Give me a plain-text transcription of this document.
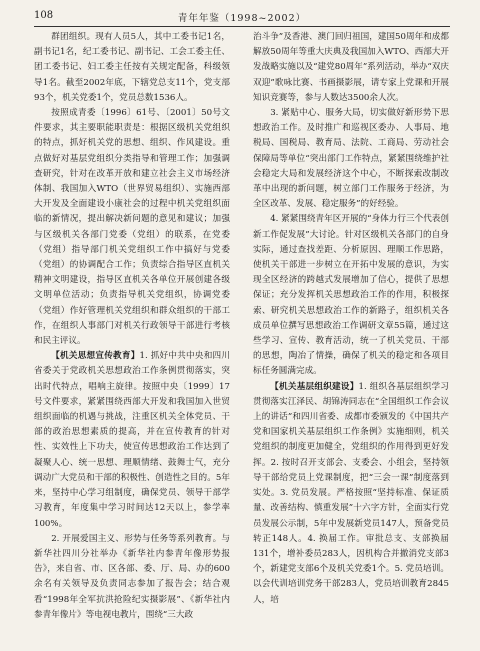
108	青年年鉴（1998~2002）

群团组织。现有人员5人，其中工委书记1名，副书记1名，纪工委书记、副书记、工会工委主任、团工委书记、妇工委主任按有关规定配备，科级领导1名。截至2002年底，下辖党总支11个，党支部93个，机关党委1个，党员总数1536人。

按照成青委〔1996〕61号、〔2001〕50号文件要求，其主要职能职责是：根据区级机关党组织的特点，抓好机关党的思想、组织、作风建设。重点做好对基层党组织分类指导和管理工作；加强调查研究，针对在改革开放和建立社会主义市场经济体制、我国加入WTO（世界贸易组织）、实施西部大开发及全面建设小康社会的过程中机关党组织面临的新情况，提出解决新问题的意见和建议；加强与区级机关各部门党委（党组）的联系，在党委（党组）指导部门机关党组织工作中搞好与党委（党组）的协调配合工作；负责综合指导区直机关精神文明建设，指导区直机关各单位开展创建各级文明单位活动；负责指导机关党组织，协调党委（党组）作好管理机关党组织和群众组织的干部工作，在组织人事部门对机关行政领导干部进行考核和民主评议。

【机关思想宣传教育】1. 抓好中共中央和四川省委关于党政机关思想政治工作条例贯彻落实，突出时代特点，唱响主旋律。按照中央〔1999〕17号文件要求，紧紧围绕西部大开发和我国加入世贸组织面临的机遇与挑战，注重区机关全体党员、干部的政治思想素质的提高，并在宣传教育的针对性、实效性上下功夫，使宣传思想政治工作达到了凝聚人心、统一思想、理顺情绪、鼓舞士气，充分调动广大党员和干部的积极性、创造性之目的。5年来，坚持中心学习组制度，确保党员、领导干部学习教育，年度集中学习时间达12天以上，参学率100%。

2. 开展爱国主义、形势与任务等系列教育。与新华社四川分社举办《新华社内参青年像形势报告》，来自省、市、区各部、委、厅、局、办的600余名有关领导及负责同志参加了报告会；结合观看“1998年全军抗洪抢险纪实摄影展”、《新华社内参青年像片》等电视电教片，围绕“三大政

治斗争”及香港、澳门回归祖国，建国50周年和成都解放50周年等重大庆典及我国加入WTO、西部大开发战略实施以及“建党80周年”系列活动，举办“双庆双迎”歌咏比赛、书画摄影展，请专家上党课和开展知识竞赛等，参与人数达3500余人次。

3. 紧贴中心、服务大局，切实做好新形势下思想政治工作。及时推广和巡视区委办、人事局、地税局、国税局、教育局、法院、工商局、劳动社会保障局等单位“突出部门工作特点，紧紧围绕维护社会稳定大局和发展经济这个中心，不断探索改制改革中出现的新问题，树立部门工作服务于经济，为全区改革、发展、稳定服务”的好经验。

4. 紧紧围绕青年区开展的“身体力行三个代表创新工作促发展”大讨论。针对区级机关各部门的自身实际，通过查找差距、分析原因、理顺工作思路，使机关干部进一步树立在开拓中发展的意识，为实现全区经济的跨越式发展增加了信心，提供了思想保证；充分发挥机关思想政治工作的作用，积极探索、研究机关思想政治工作的新路子，组织机关各成员单位撰写思想政治工作调研文章55篇，通过这些学习、宣传、教育活动，统一了机关党员、干部的思想，陶冶了情操，确保了机关的稳定和各项目标任务圆满完成。

【机关基层组织建设】1. 组织各基层组织学习贯彻落实江泽民、胡锦涛同志在“全国组织工作会议上的讲话”和四川省委、成都市委颁发的《中国共产党和国家机关基层组织工作条例》实施细则，机关党组织的制度更加健全，党组织的作用得到更好发挥。2. 按时召开支部会、支委会、小组会，坚持领导干部给党员上党课制度，把“三会一课”制度落到实处。3. 党员发展。严格按照“坚持标准、保证质量、改善结构、慎重发展”十六字方针，全面实行党员发展公示制，5年中发展新党员147人，预备党员转正148人。4. 换届工作。审批总支、支部换届131个，增补委员283人，因机构合并撤消党支部3个，新建党支部6个及机关党委1个。5. 党员培训。以会代训培训党务干部283人，党员培训教育2845人，培
